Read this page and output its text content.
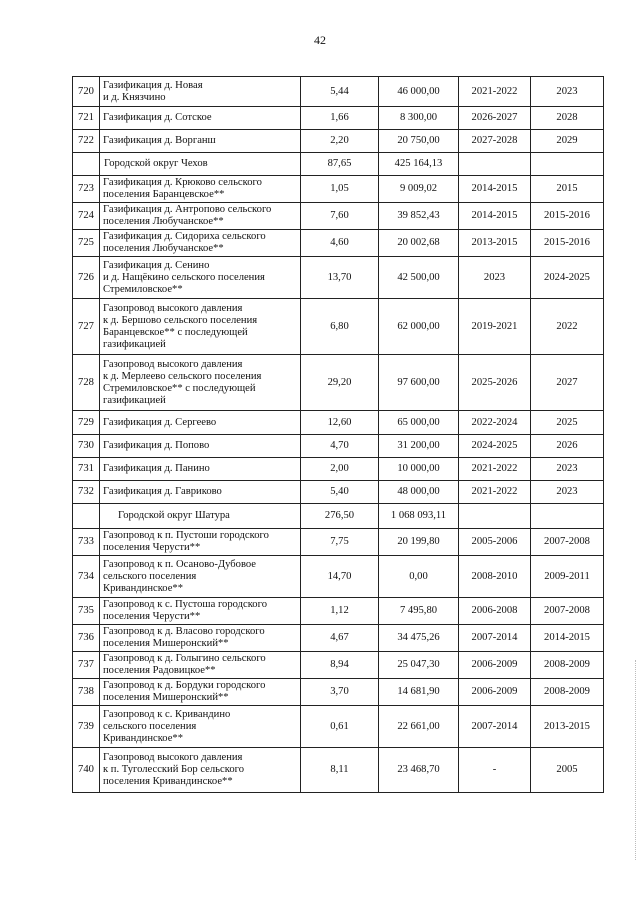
42
720	Газификация д. Новая
и д. Князчино	5,44	46 000,00	2021-2022	2023
721	Газификация д. Сотское	1,66	8 300,00	2026-2027	2028
722	Газификация д. Ворганш	2,20	20 750,00	2027-2028	2029
	Городской округ Чехов	87,65	425 164,13		
723	Газификация д. Крюково сельского
поселения Баранцевское**	1,05	9 009,02	2014-2015	2015
724	Газификация д. Антропово сельского
поселения Любучанское**	7,60	39 852,43	2014-2015	2015-2016
725	Газификация д. Сидориха сельского
поселения Любучанское**	4,60	20 002,68	2013-2015	2015-2016
726	Газификация д. Сенино
и д. Нащёкино сельского поселения
Стремиловское**	13,70	42 500,00	2023	2024-2025
727	Газопровод высокого давления
к д. Бершово сельского поселения
Баранцевское** с последующей
газификацией	6,80	62 000,00	2019-2021	2022
728	Газопровод высокого давления
к д. Мерлеево сельского поселения
Стремиловское** с последующей
газификацией	29,20	97 600,00	2025-2026	2027
729	Газификация д. Сергеево	12,60	65 000,00	2022-2024	2025
730	Газификация д. Попово	4,70	31 200,00	2024-2025	2026
731	Газификация д. Панино	2,00	10 000,00	2021-2022	2023
732	Газификация д. Гавриково	5,40	48 000,00	2021-2022	2023
	Городской округ Шатура	276,50	1 068 093,11		
733	Газопровод к п. Пустоши городского
поселения Черусти**	7,75	20 199,80	2005-2006	2007-2008
734	Газопровод к п. Осаново-Дубовое
сельского поселения
Кривандинское**	14,70	0,00	2008-2010	2009-2011
735	Газопровод к с. Пустоша городского
поселения Черусти**	1,12	7 495,80	2006-2008	2007-2008
736	Газопровод к д. Власово городского
поселения Мишеронский**	4,67	34 475,26	2007-2014	2014-2015
737	Газопровод к д. Голыгино сельского
поселения Радовицкое**	8,94	25 047,30	2006-2009	2008-2009
738	Газопровод к д. Бордуки городского
поселения Мишеронский**	3,70	14 681,90	2006-2009	2008-2009
739	Газопровод к с. Кривандино
сельского поселения
Кривандинское**	0,61	22 661,00	2007-2014	2013-2015
740	Газопровод высокого давления
к п. Туголесский Бор сельского
поселения Кривандинское**	8,11	23 468,70	-	2005
